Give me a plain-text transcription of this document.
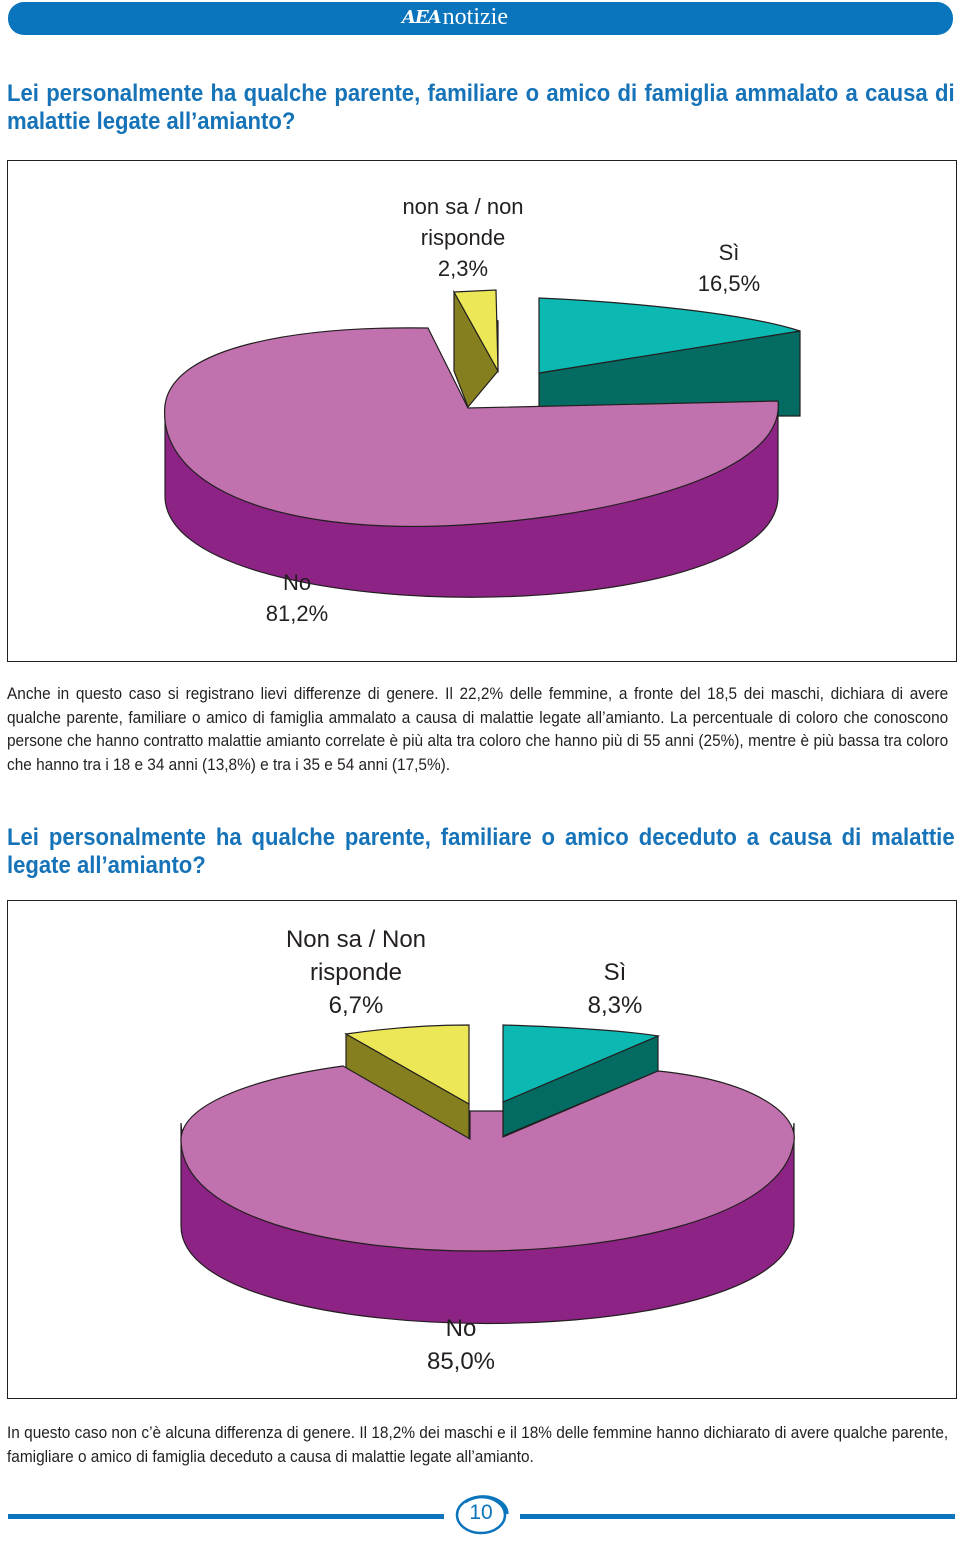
AEA notizie

Lei personalmente ha qualche parente, familiare o amico di famiglia ammalato a causa di malattie legate all’amianto?

non sa / non
risponde
2,3%
Sì
16,5%
No
81,2%

Anche in questo caso si registrano lievi differenze di genere. Il 22,2% delle femmine, a fronte del 18,5 dei maschi, dichiara di avere qualche parente, familiare o amico di famiglia ammalato a causa di malattie legate all’amianto. La percentuale di coloro che conoscono persone che hanno contratto malattie amianto correlate è più alta tra coloro che hanno più di 55 anni (25%), mentre è più bassa tra coloro che hanno tra i 18 e 34 anni (13,8%) e tra i 35 e 54 anni (17,5%).

Lei personalmente ha qualche parente, familiare o amico deceduto a causa di malattie legate all’amianto?

Non sa / Non
risponde
6,7%
Sì
8,3%
No
85,0%

In questo caso non c’è alcuna differenza di genere. Il 18,2% dei maschi e il 18% delle femmine hanno dichiarato di avere qualche parente, famigliare o amico di famiglia deceduto a causa di malattie legate all’amianto.

10
